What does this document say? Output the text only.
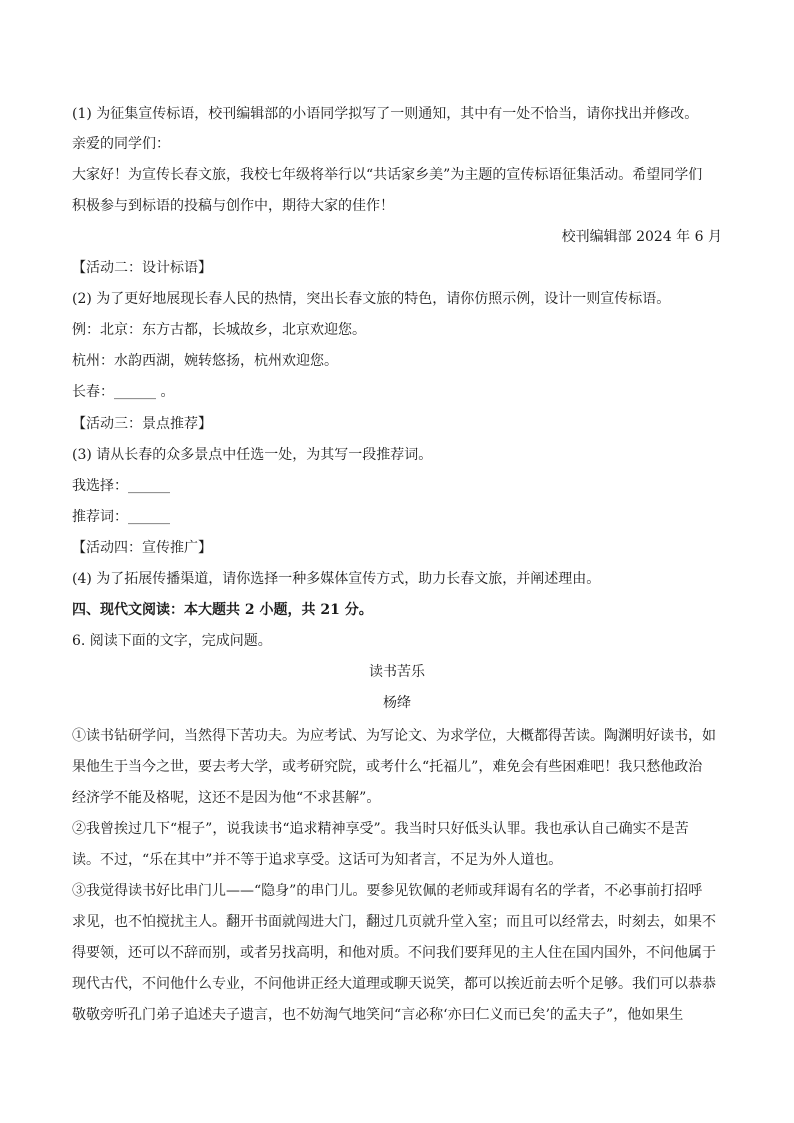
(1) 为征集宣传标语，校刊编辑部的小语同学拟写了一则通知，其中有一处不恰当，请你找出并修改。
亲爱的同学们：
大家好！为宣传长春文旅，我校七年级将举行以“共话家乡美”为主题的宣传标语征集活动。希望同学们
积极参与到标语的投稿与创作中，期待大家的佳作！
校刊编辑部 2024 年 6 月
【活动二：设计标语】
(2) 为了更好地展现长春人民的热情，突出长春文旅的特色，请你仿照示例，设计一则宣传标语。
例：北京：东方古都，长城故乡，北京欢迎您。
杭州：水韵西湖，婉转悠扬，杭州欢迎您。
长春：______ 。
【活动三：景点推荐】
(3) 请从长春的众多景点中任选一处，为其写一段推荐词。
我选择：______
推荐词：______
【活动四：宣传推广】
(4) 为了拓展传播渠道，请你选择一种多媒体宣传方式，助力长春文旅，并阐述理由。
四、现代文阅读：本大题共 2 小题，共 21 分。
6. 阅读下面的文字，完成问题。
读书苦乐
杨绛
①读书钻研学问，当然得下苦功夫。为应考试、为写论文、为求学位，大概都得苦读。陶渊明好读书，如
果他生于当今之世，要去考大学，或考研究院，或考什么“托福儿”，难免会有些困难吧！我只愁他政治
经济学不能及格呢，这还不是因为他“不求甚解”。
②我曾挨过几下“棍子”，说我读书“追求精神享受”。我当时只好低头认罪。我也承认自己确实不是苦
读。不过，“乐在其中”并不等于追求享受。这话可为知者言，不足为外人道也。
③我觉得读书好比串门儿——“隐身”的串门儿。要参见钦佩的老师或拜谒有名的学者，不必事前打招呼
求见，也不怕搅扰主人。翻开书面就闯进大门，翻过几页就升堂入室；而且可以经常去，时刻去，如果不
得要领，还可以不辞而别，或者另找高明，和他对质。不问我们要拜见的主人住在国内国外，不问他属于
现代古代，不问他什么专业，不问他讲正经大道理或聊天说笑，都可以挨近前去听个足够。我们可以恭恭
敬敬旁听孔门弟子追述夫子遗言，也不妨淘气地笑问“言必称‘亦曰仁义而已矣’的孟夫子”，他如果生
